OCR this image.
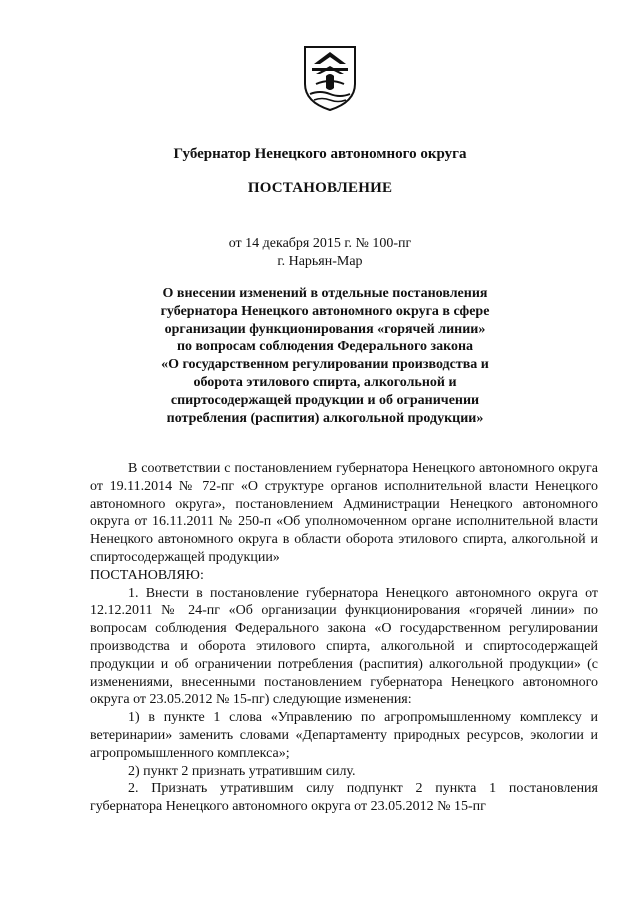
Губернатор Ненецкого автономного округа
ПОСТАНОВЛЕНИЕ
от 14 декабря 2015 г. № 100-пг
г. Нарьян-Мар
О внесении изменений в отдельные постановления
губернатора Ненецкого автономного округа в сфере
организации функционирования «горячей линии»
по вопросам соблюдения Федерального закона
«О государственном регулировании производства и
оборота этилового спирта, алкогольной и
спиртосодержащей продукции и об ограничении
потребления (распития) алкогольной продукции»

В соответствии с постановлением губернатора Ненецкого автономного округа от 19.11.2014 № 72-пг «О структуре органов исполнительной власти Ненецкого автономного округа», постановлением Администрации Ненецкого автономного округа от 16.11.2011 № 250-п «Об уполномоченном органе исполнительной власти Ненецкого автономного округа в области оборота этилового спирта, алкогольной и спиртосодержащей продукции»

ПОСТАНОВЛЯЮ:

1. Внести в постановление губернатора Ненецкого автономного округа от 12.12.2011 № 24-пг «Об организации функционирования «горячей линии» по вопросам соблюдения Федерального закона «О государственном регулировании производства и оборота этилового спирта, алкогольной и спиртосодержащей продукции и об ограничении потребления (распития) алкогольной продукции» (с изменениями, внесенными постановлением губернатора Ненецкого автономного округа от 23.05.2012 № 15-пг) следующие изменения:

1) в пункте 1 слова «Управлению по агропромышленному комплексу и ветеринарии» заменить словами «Департаменту природных ресурсов, экологии и агропромышленного комплекса»;

2) пункт 2 признать утратившим силу.

2. Признать утратившим силу подпункт 2 пункта 1 постановления губернатора Ненецкого автономного округа от 23.05.2012 № 15-пг
